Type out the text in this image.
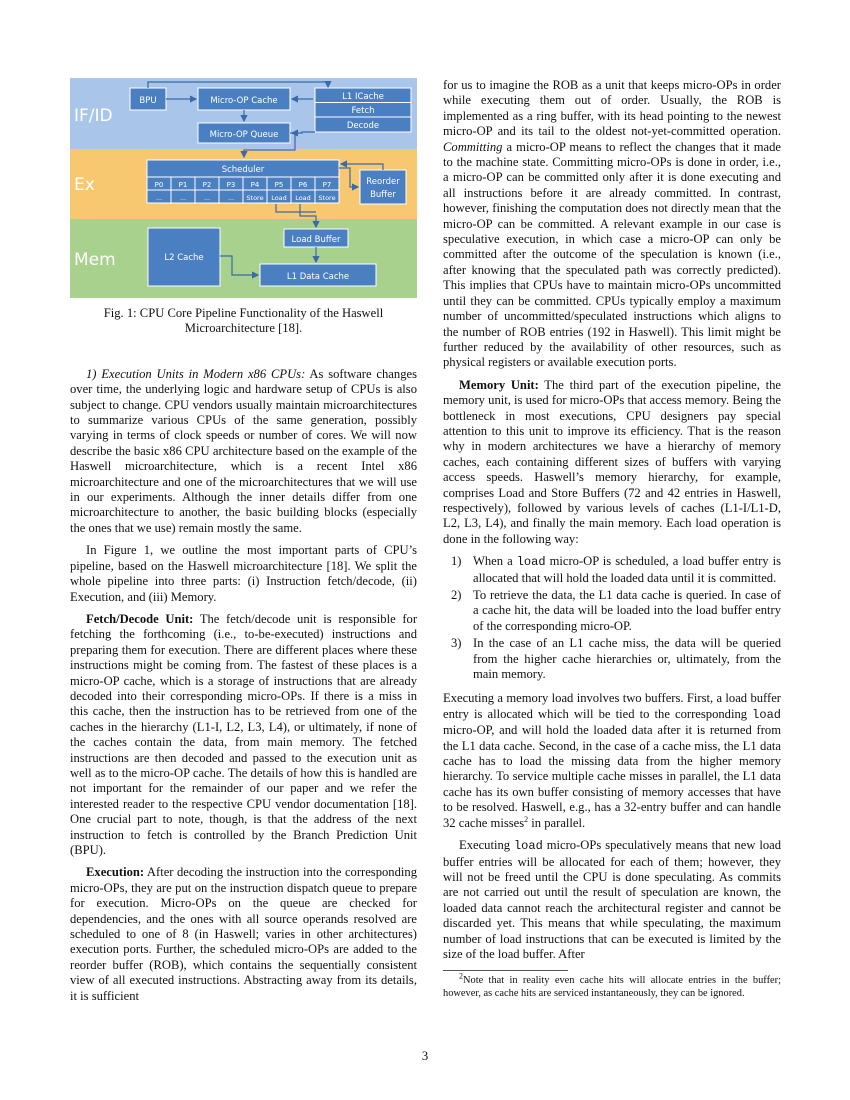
IF/ID
Ex
Mem
BPU	Micro-OP Cache	L1 ICache
Fetch
Decode
Micro-OP Queue
Scheduler
P0
...
P1
...
P2
...
P3
...
P4
Store
P5
Load
P6
Load
P7
Store
Reorder
Buffer
L2 Cache
Load Buffer
L1 Data Cache
Fig. 1: CPU Core Pipeline Functionality of the Haswell Microarchitecture [18].

1) Execution Units in Modern x86 CPUs: As software changes over time, the underlying logic and hardware setup of CPUs is also subject to change. CPU vendors usually maintain microarchitectures to summarize various CPUs of the same generation, possibly varying in terms of clock speeds or number of cores. We will now describe the basic x86 CPU architecture based on the example of the Haswell microarchitecture, which is a recent Intel x86 microarchitecture and one of the microarchitectures that we will use in our experiments. Although the inner details differ from one microarchitecture to another, the basic building blocks (especially the ones that we use) remain mostly the same.

In Figure 1, we outline the most important parts of CPU’s pipeline, based on the Haswell microarchitecture [18]. We split the whole pipeline into three parts: (i) Instruction fetch/decode, (ii) Execution, and (iii) Memory.

Fetch/Decode Unit: The fetch/decode unit is responsible for fetching the forthcoming (i.e., to-be-executed) instructions and preparing them for execution. There are different places where these instructions might be coming from. The fastest of these places is a micro-OP cache, which is a storage of instructions that are already decoded into their corresponding micro-OPs. If there is a miss in this cache, then the instruction has to be retrieved from one of the caches in the hierarchy (L1-I, L2, L3, L4), or ultimately, if none of the caches contain the data, from main memory. The fetched instructions are then decoded and passed to the execution unit as well as to the micro-OP cache. The details of how this is handled are not important for the remainder of our paper and we refer the interested reader to the respective CPU vendor documentation [18]. One crucial part to note, though, is that the address of the next instruction to fetch is controlled by the Branch Prediction Unit (BPU).

Execution: After decoding the instruction into the corresponding micro-OPs, they are put on the instruction dispatch queue to prepare for execution. Micro-OPs on the queue are checked for dependencies, and the ones with all source operands resolved are scheduled to one of 8 (in Haswell; varies in other architectures) execution ports. Further, the scheduled micro-OPs are added to the reorder buffer (ROB), which contains the sequentially consistent view of all executed instructions. Abstracting away from its details, it is sufficient

for us to imagine the ROB as a unit that keeps micro-OPs in order while executing them out of order. Usually, the ROB is implemented as a ring buffer, with its head pointing to the newest micro-OP and its tail to the oldest not-yet-committed operation. Committing a micro-OP means to reflect the changes that it made to the machine state. Committing micro-OPs is done in order, i.e., a micro-OP can be committed only after it is done executing and all instructions before it are already committed. In contrast, however, finishing the computation does not directly mean that the micro-OP can be committed. A relevant example in our case is speculative execution, in which case a micro-OP can only be committed after the outcome of the speculation is known (i.e., after knowing that the speculated path was correctly predicted). This implies that CPUs have to maintain micro-OPs uncommitted until they can be committed. CPUs typically employ a maximum number of uncommitted/speculated instructions which aligns to the number of ROB entries (192 in Haswell). This limit might be further reduced by the availability of other resources, such as physical registers or available execution ports.

Memory Unit: The third part of the execution pipeline, the memory unit, is used for micro-OPs that access memory. Being the bottleneck in most executions, CPU designers pay special attention to this unit to improve its efficiency. That is the reason why in modern architectures we have a hierarchy of memory caches, each containing different sizes of buffers with varying access speeds. Haswell’s memory hierarchy, for example, comprises Load and Store Buffers (72 and 42 entries in Haswell, respectively), followed by various levels of caches (L1-I/L1-D, L2, L3, L4), and finally the main memory. Each load operation is done in the following way:

1) When a load micro-OP is scheduled, a load buffer entry is allocated that will hold the loaded data until it is committed.
2) To retrieve the data, the L1 data cache is queried. In case of a cache hit, the data will be loaded into the load buffer entry of the corresponding micro-OP.
3) In the case of an L1 cache miss, the data will be queried from the higher cache hierarchies or, ultimately, from the main memory.

Executing a memory load involves two buffers. First, a load buffer entry is allocated which will be tied to the corresponding load micro-OP, and will hold the loaded data after it is returned from the L1 data cache. Second, in the case of a cache miss, the L1 data cache has to load the missing data from the higher memory hierarchy. To service multiple cache misses in parallel, the L1 data cache has its own buffer consisting of memory accesses that have to be resolved. Haswell, e.g., has a 32-entry buffer and can handle 32 cache misses$^2$ in parallel.

Executing load micro-OPs speculatively means that new load buffer entries will be allocated for each of them; however, they will not be freed until the CPU is done speculating. As commits are not carried out until the result of speculation are known, the loaded data cannot reach the architectural register and cannot be discarded yet. This means that while speculating, the maximum number of load instructions that can be executed is limited by the size of the load buffer. After

$^2$Note that in reality even cache hits will allocate entries in the buffer; however, as cache hits are serviced instantaneously, they can be ignored.
3
